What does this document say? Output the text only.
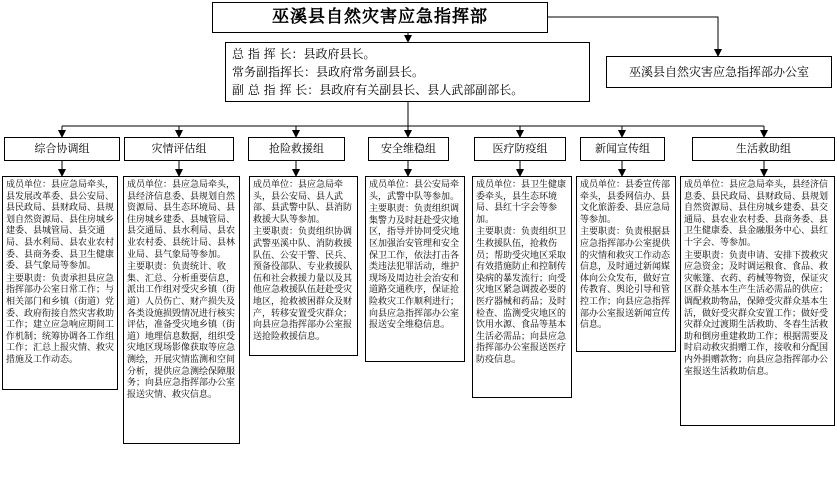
巫溪县自然灾害应急指挥部
总 指 挥 长：县政府县长。
常务副指挥长：县政府常务副县长。
副 总 指 挥 长：县政府有关副县长、县人武部副部长。
巫溪县自然灾害应急指挥部办公室
综合协调组	灾情评估组	抢险救援组	安全维稳组	医疗防疫组	新闻宣传组	生活救助组

成员单位：县应急局牵头，县发展改革委、县公安局、县民政局、县财政局、县规划自然资源局、县住房城乡建委、县城管局、县交通局、县水利局、县农业农村委、县商务委、县卫生健康委、县气象局等参加。

主要职责：负责承担县应急指挥部办公室日常工作；与相关部门和乡镇（街道）党委、政府衔接自然灾害救助工作；建立应急响应期间工作机制；统筹协调各工作组工作；汇总上报灾情、救灾措施及工作动态。

成员单位：县应急局牵头，县经济信息委、县规划自然资源局、县生态环境局、县住房城乡建委、县城管局、县交通局、县水利局、县农业农村委、县统计局、县林业局、县气象局等参加。

主要职责：负责统计、收集、汇总、分析重要信息，派出工作组对受灾乡镇（街道）人员伤亡、财产损失及各类设施损毁情况进行核实评估，准备受灾地乡镇（街道）地理信息数据，组织受灾地区现场影像获取等应急测绘，开展灾情监测和空间分析，提供应急测绘保障服务；向县应急指挥部办公室报送灾情、救灾信息。

成员单位：县应急局牵头，县公安局、县人武部、县武警中队、县消防救援大队等参加。

主要职责：负责组织协调武警巫溪中队、消防救援队伍、公安干警、民兵、预备役部队、专业救援队伍和社会救援力量以及其他应急救援队伍赶赴受灾地区，抢救被困群众及财产，转移安置受灾群众；向县应急指挥部办公室报送抢险救援信息。

成员单位：县公安局牵头，武警中队等参加。

主要职责：负责组织调集警力及时赶赴受灾地区，指导并协同受灾地区加强治安管理和安全保卫工作，依法打击各类违法犯罪活动，维护现场及周边社会治安和道路交通秩序，保证抢险救灾工作顺利进行；向县应急指挥部办公室报送安全维稳信息。

成员单位：县卫生健康委牵头，县生态环境局、县红十字会等参加。

主要职责：负责组织卫生救援队伍，抢救伤员；帮助受灾地区采取有效措施防止和控制传染病的暴发流行；向受灾地区紧急调拨必要的医疗器械和药品；及时检查、监测受灾地区的饮用水源、食品等基本生活必需品；向县应急指挥部办公室报送医疗防疫信息。

成员单位：县委宣传部牵头，县委网信办、县文化旅游委、县应急局等参加。

主要职责：负责根据县应急指挥部办公室提供的灾情和救灾工作动态信息，及时通过新闻媒体向公众发布，做好宣传教育、舆论引导和管控工作；向县应急指挥部办公室报送新闻宣传信息。

成员单位：县应急局牵头，县经济信息委、县民政局、县财政局、县规划自然资源局、县住房城乡建委、县交通局、县农业农村委、县商务委、县卫生健康委、县金融服务中心、县红十字会、等参加。

主要职责：负责申请、安排下拨救灾应急资金；及时调运粮食、食品、救灾帐篷、衣药、药械等物资，保证灾区群众基本生产生活必需品的供应；调配救助物品，保障受灾群众基本生活，做好受灾群众安置工作；做好受灾群众过渡期生活救助、冬春生活救助和倒房重建救助工作；根据需要及时启动救灾捐赠工作，接收和分配国内外捐赠款物；向县应急指挥部办公室报送生活救助信息。
